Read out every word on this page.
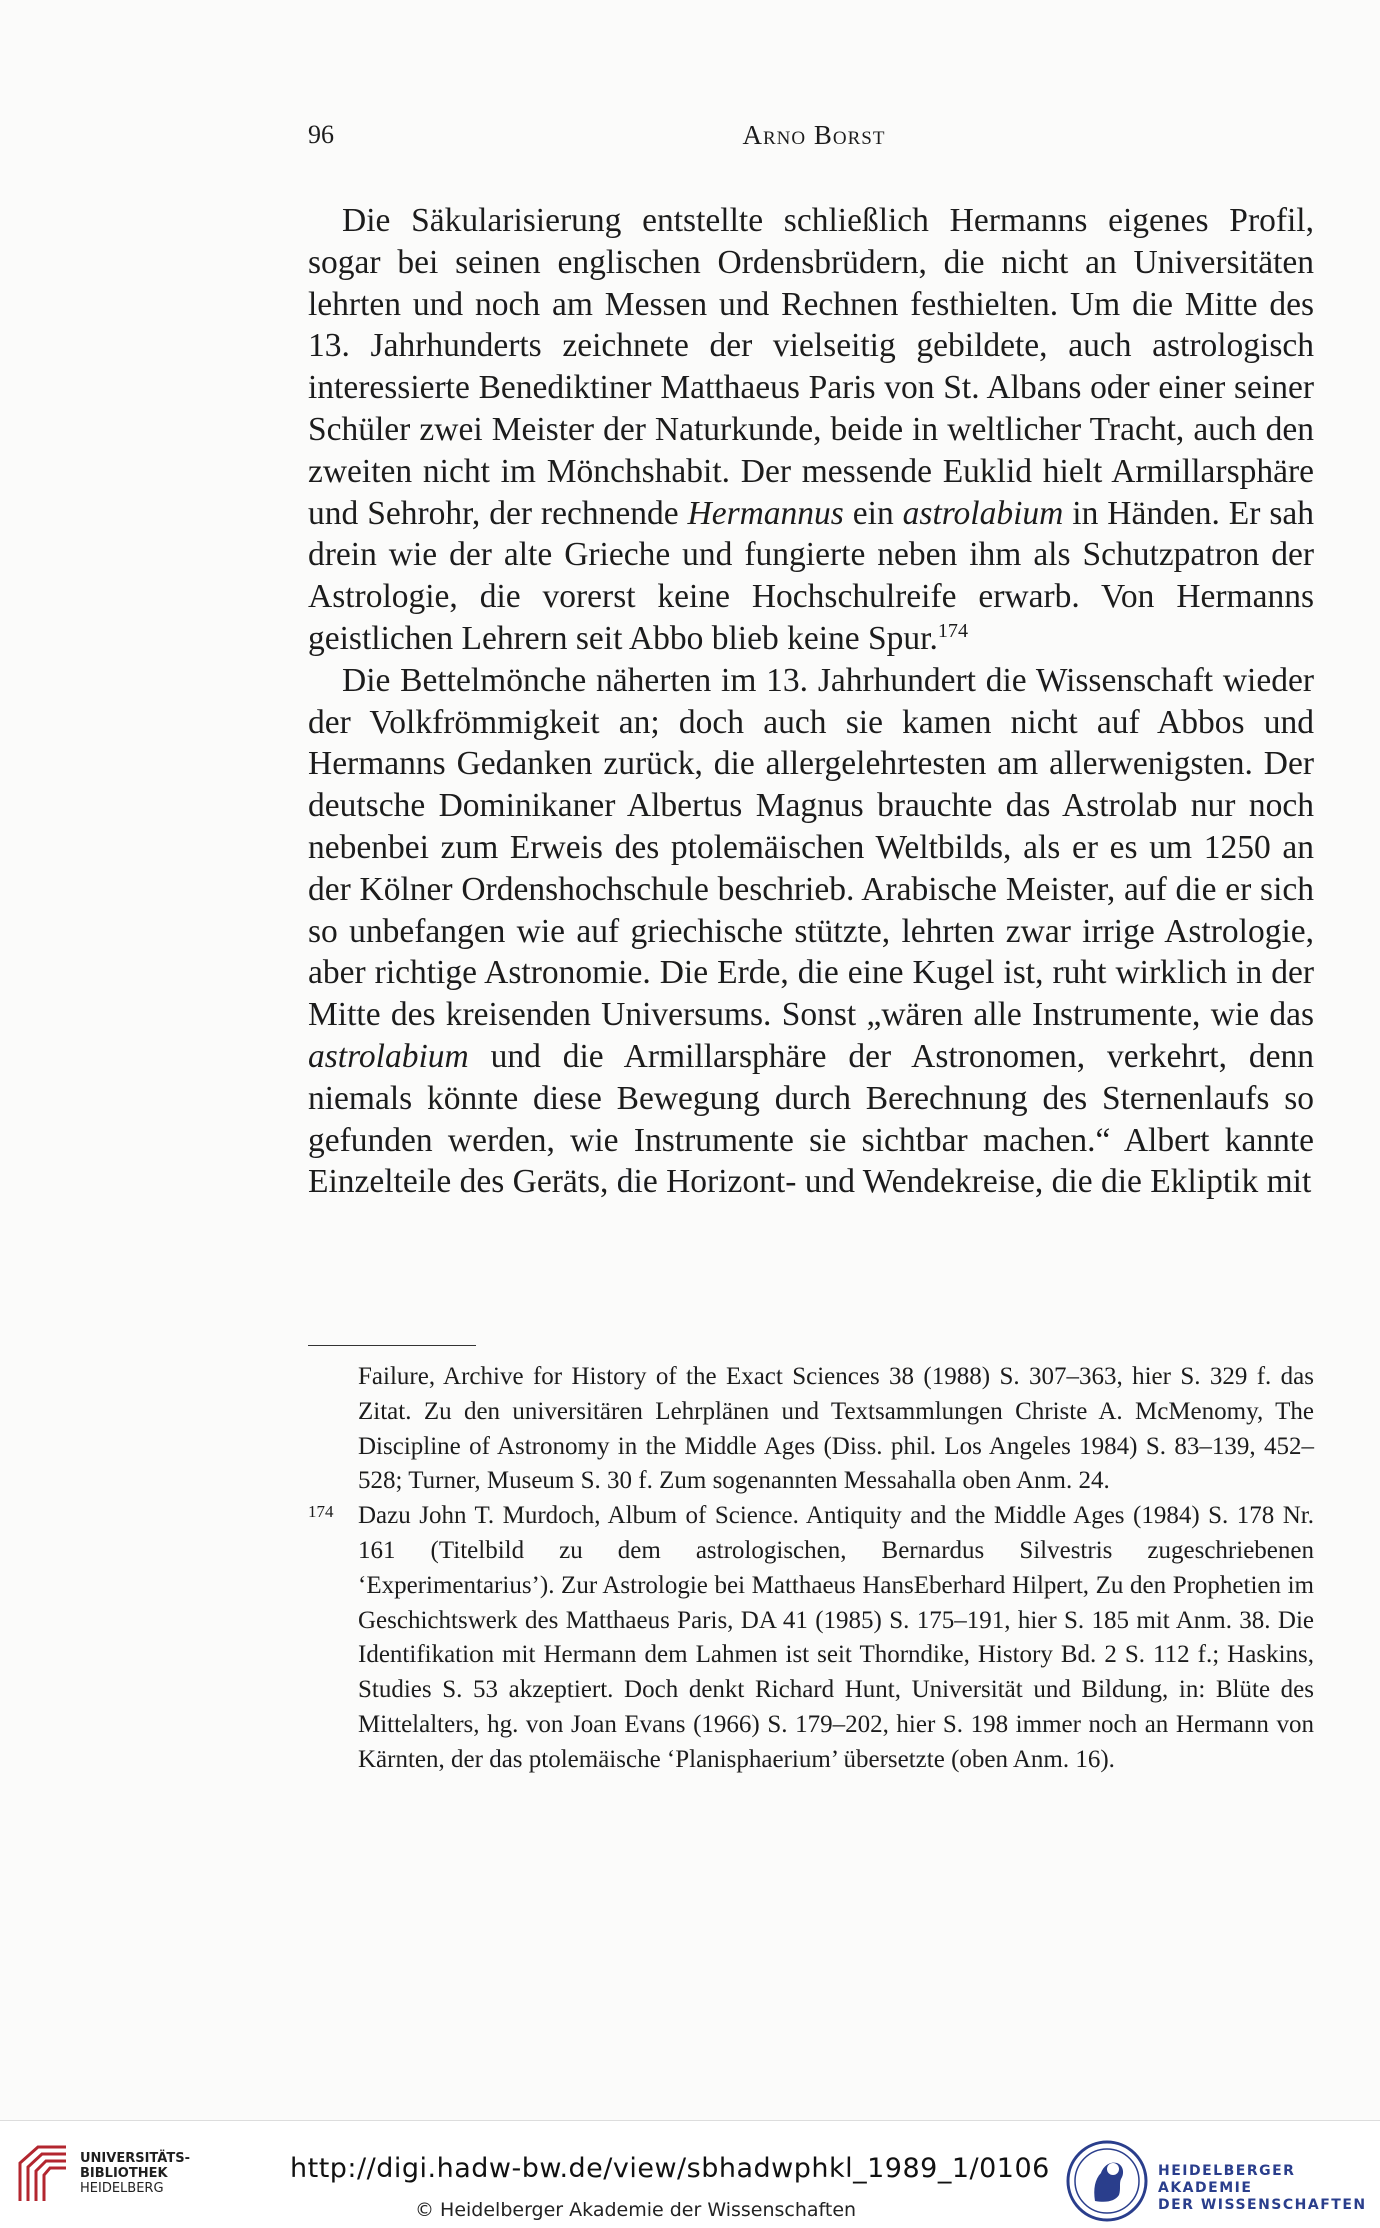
96	Arno Borst

Die Säkularisierung entstellte schließlich Hermanns eigenes Profil, sogar bei seinen englischen Ordensbrüdern, die nicht an Universitäten lehrten und noch am Messen und Rechnen festhielten. Um die Mitte des 13. Jahrhunderts zeichnete der vielseitig gebildete, auch astrologisch interessierte Benediktiner Matthaeus Paris von St. Albans oder einer seiner Schüler zwei Meister der Naturkunde, beide in weltlicher Tracht, auch den zweiten nicht im Mönchshabit. Der messende Euklid hielt Armillarsphäre und Sehrohr, der rechnende Hermannus ein astrolabium in Händen. Er sah drein wie der alte Grieche und fungierte neben ihm als Schutzpatron der Astrologie, die vorerst keine Hochschulreife erwarb. Von Hermanns geistlichen Lehrern seit Abbo blieb keine Spur.$^{174}$

Die Bettelmönche näherten im 13. Jahrhundert die Wissenschaft wieder der Volkfrömmigkeit an; doch auch sie kamen nicht auf Abbos und Hermanns Gedanken zurück, die allergelehrtesten am allerwenigsten. Der deutsche Dominikaner Albertus Magnus brauchte das Astrolab nur noch nebenbei zum Erweis des ptolemäischen Weltbilds, als er es um 1250 an der Kölner Ordenshochschule beschrieb. Arabische Meister, auf die er sich so unbefangen wie auf griechische stützte, lehrten zwar irrige Astrologie, aber richtige Astronomie. Die Erde, die eine Kugel ist, ruht wirklich in der Mitte des kreisenden Universums. Sonst „wären alle Instrumente, wie das astrolabium und die Armillarsphäre der Astronomen, verkehrt, denn niemals könnte diese Bewegung durch Berechnung des Sternenlaufs so gefunden werden, wie Instrumente sie sichtbar machen.“ Albert kannte Einzelteile des Geräts, die Horizont- und Wendekreise, die die Ekliptik mit

Failure, Archive for History of the Exact Sciences 38 (1988) S. 307–363, hier S. 329 f. das Zitat. Zu den universitären Lehrplänen und Textsammlungen Christe A. McMenomy, The Discipline of Astronomy in the Middle Ages (Diss. phil. Los Angeles 1984) S. 83–139, 452–528; Turner, Museum S. 30 f. Zum sogenannten Messahalla oben Anm. 24.

174 Dazu John T. Murdoch, Album of Science. Antiquity and the Middle Ages (1984) S. 178 Nr. 161 (Titelbild zu dem astrologischen, Bernardus Silvestris zugeschriebenen ‘Experimentarius’). Zur Astrologie bei Matthaeus HansEberhard Hilpert, Zu den Prophetien im Geschichtswerk des Matthaeus Paris, DA 41 (1985) S. 175–191, hier S. 185 mit Anm. 38. Die Identifikation mit Hermann dem Lahmen ist seit Thorndike, History Bd. 2 S. 112 f.; Haskins, Studies S. 53 akzeptiert. Doch denkt Richard Hunt, Universität und Bildung, in: Blüte des Mittelalters, hg. von Joan Evans (1966) S. 179–202, hier S. 198 immer noch an Hermann von Kärnten, der das ptolemäische ‘Planisphaerium’ übersetzte (oben Anm. 16).

UNIVERSITÄTS-
BIBLIOTHEK
HEIDELBERG
http://digi.hadw-bw.de/view/sbhadwphkl_1989_1/0106
© Heidelberger Akademie der Wissenschaften
HEIDELBERGER AKADEMIE
DER WISSENSCHAFTEN
